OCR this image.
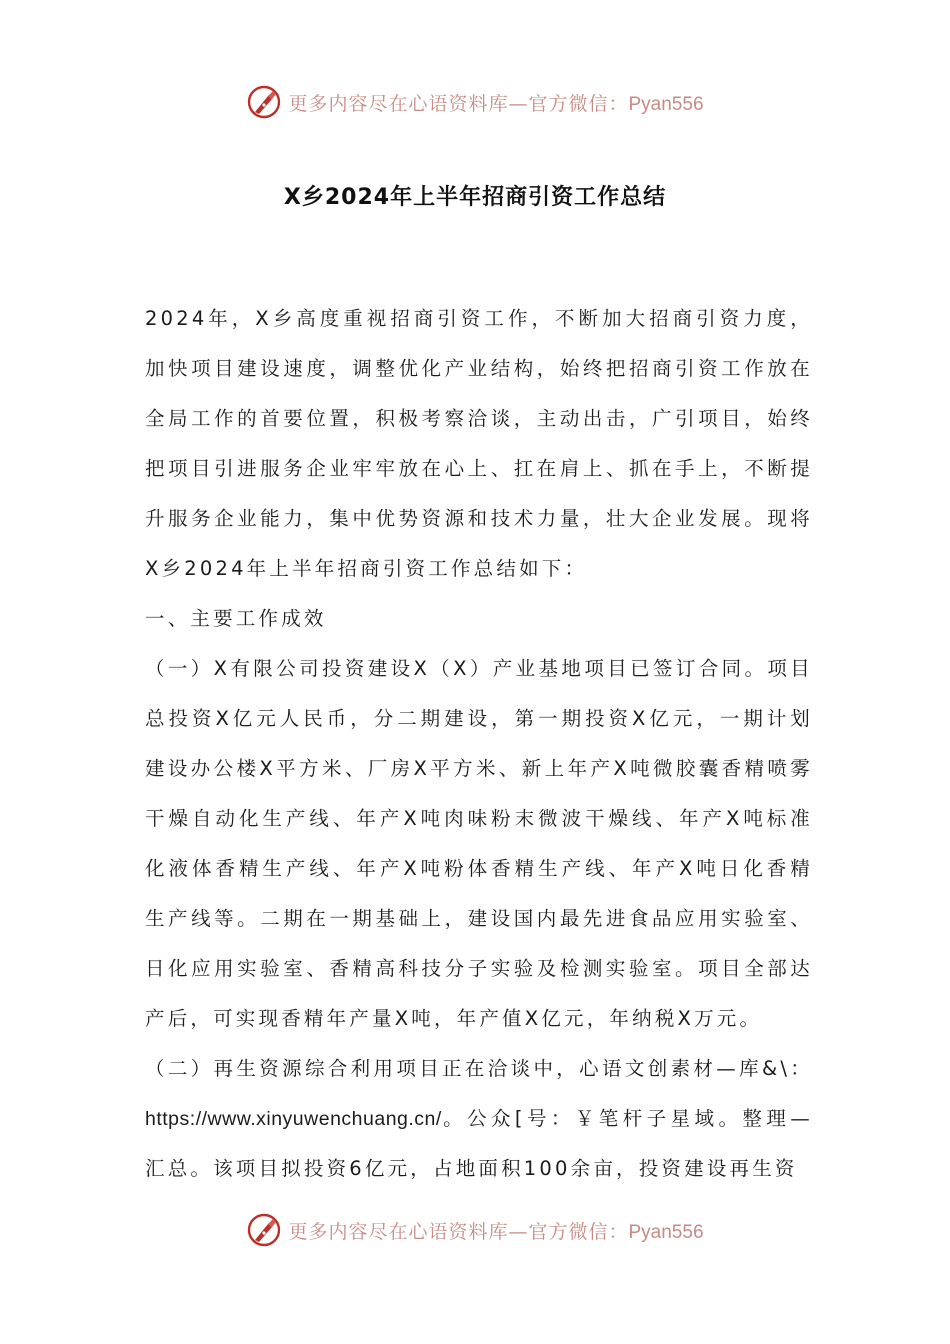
更多内容尽在心语资料库—官方微信：Pyan556
X乡2024年上半年招商引资工作总结

2024年，X乡高度重视招商引资工作，不断加大招商引资力度，加快项目建设速度，调整优化产业结构，始终把招商引资工作放在全局工作的首要位置，积极考察洽谈，主动出击，广引项目，始终把项目引进服务企业牢牢放在心上、扛在肩上、抓在手上，不断提升服务企业能力，集中优势资源和技术力量，壮大企业发展。现将X乡2024年上半年招商引资工作总结如下：

一、主要工作成效

（一）X有限公司投资建设X（X）产业基地项目已签订合同。项目总投资X亿元人民币，分二期建设，第一期投资X亿元，一期计划建设办公楼X平方米、厂房X平方米、新上年产X吨微胶囊香精喷雾干燥自动化生产线、年产X吨肉味粉末微波干燥线、年产X吨标准化液体香精生产线、年产X吨粉体香精生产线、年产X吨日化香精生产线等。二期在一期基础上，建设国内最先进食品应用实验室、日化应用实验室、香精高科技分子实验及检测实验室。项目全部达产后，可实现香精年产量X吨，年产值X亿元，年纳税X万元。

（二）再生资源综合利用项目正在洽谈中，心语文创素材—库&\：https://www.xinyuwenchuang.cn/。公众[号：￥笔杆子星域。整理—汇总。该项目拟投资6亿元，占地面积100余亩，投资建设再生资

更多内容尽在心语资料库—官方微信：Pyan556
